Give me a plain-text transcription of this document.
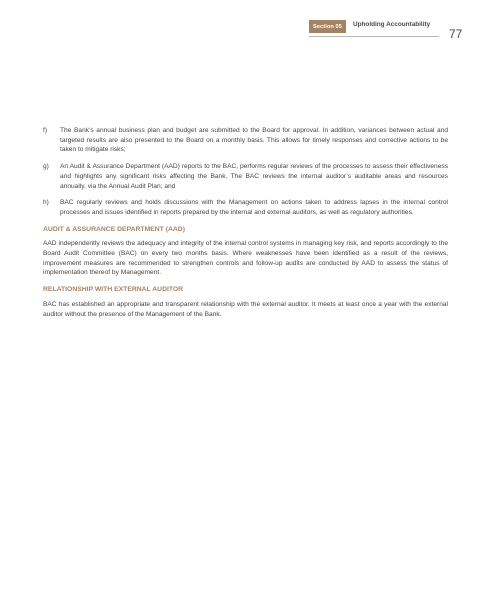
Section 05	Upholding Accountability
77
f)	The Bank’s annual business plan and budget are submitted to the Board for approval. In addition, variances between actual and targeted results are also presented to the Board on a monthly basis. This allows for timely responses and corrective actions to be taken to mitigate risks;
g)	An Audit & Assurance Department (AAD) reports to the BAC, performs regular reviews of the processes to assess their effectiveness and highlights any significant risks affecting the Bank. The BAC reviews the internal auditor’s auditable areas and resources annually, via the Annual Audit Plan; and
h)	BAC regularly reviews and holds discussions with the Management on actions taken to address lapses in the internal control processes and issues identified in reports prepared by the internal and external auditors, as well as regulatory authorities.
AUDIT & ASSURANCE DEPARTMENT (AAD)
AAD independently reviews the adequacy and integrity of the internal control systems in managing key risk, and reports accordingly to the Board Audit Committee (BAC) on every two months basis. Where weaknesses have been identified as a result of the reviews, improvement measures are recommended to strengthen controls and follow-up audits are conducted by AAD to assess the status of implementation thereof by Management.
RELATIONSHIP WITH EXTERNAL AUDITOR
BAC has established an appropriate and transparent relationship with the external auditor. It meets at least once a year with the external auditor without the presence of the Management of the Bank.
